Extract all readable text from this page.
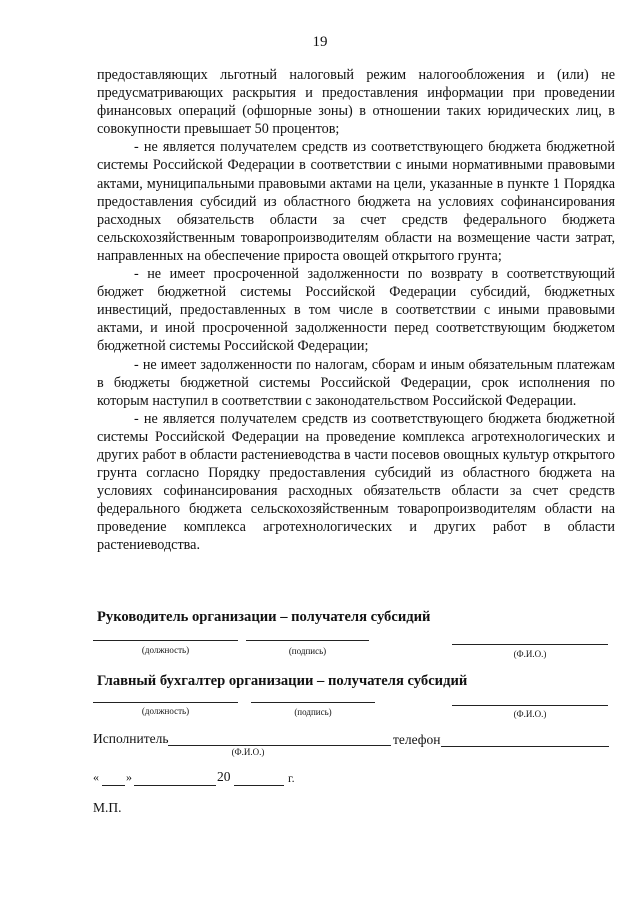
19

предоставляющих льготный налоговый режим налогообложения и (или) не предусматривающих раскрытия и предоставления информации при проведении финансовых операций (офшорные зоны) в отношении таких юридических лиц, в совокупности превышает 50 процентов;

- не является получателем средств из соответствующего бюджета бюджетной системы Российской Федерации в соответствии с иными нормативными правовыми актами, муниципальными правовыми актами на цели, указанные в пункте 1 Порядка предоставления субсидий из областного бюджета на условиях софинансирования расходных обязательств области за счет средств федерального бюджета сельскохозяйственным товаропроизводителям области на возмещение части затрат, направленных на обеспечение прироста овощей открытого грунта;

- не имеет просроченной задолженности по возврату в соответствующий бюджет бюджетной системы Российской Федерации субсидий, бюджетных инвестиций, предоставленных в том числе в соответствии с иными правовыми актами, и иной просроченной задолженности перед соответствующим бюджетом бюджетной системы Российской Федерации;

- не имеет задолженности по налогам, сборам и иным обязательным платежам в бюджеты бюджетной системы Российской Федерации, срок исполнения по которым наступил в соответствии с законодательством Российской Федерации.

- не является получателем средств из соответствующего бюджета бюджетной системы Российской Федерации на проведение комплекса агротехнологических и других работ в области растениеводства в части посевов овощных культур открытого грунта согласно Порядку предоставления субсидий из областного бюджета на условиях софинансирования расходных обязательств области за счет средств федерального бюджета сельскохозяйственным товаропроизводителям области на проведение комплекса агротехнологических и других работ в области растениеводства.

Руководитель организации – получателя субсидий
(должность)	(подпись)	(Ф.И.О.)
Главный бухгалтер организации – получателя субсидий
(должность)	(подпись)	(Ф.И.О.)
Исполнитель
(Ф.И.О.)
телефон
« »	20	г.
М.П.
